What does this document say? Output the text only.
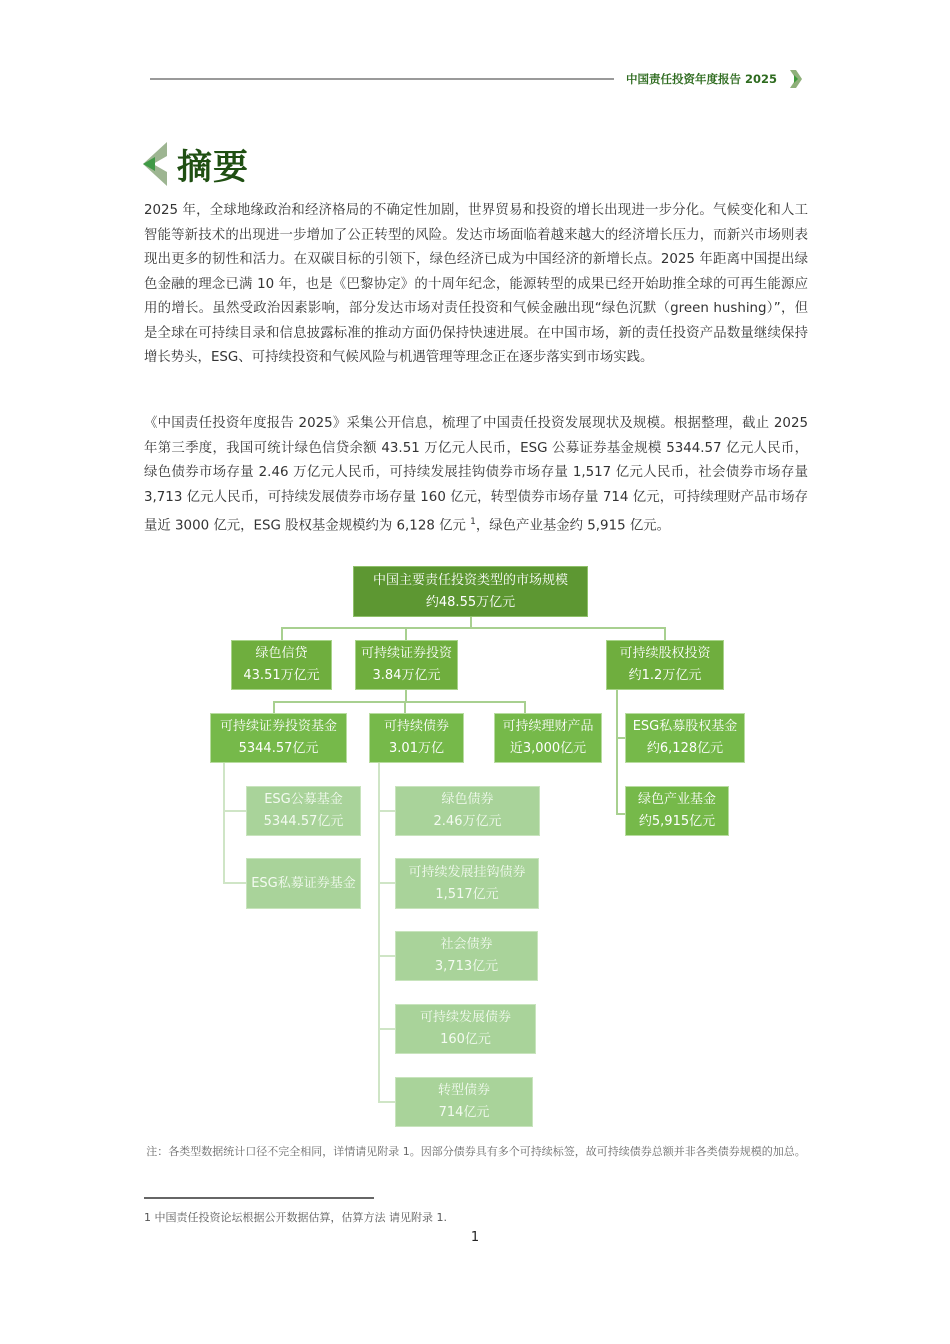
中国责任投资年度报告 2025
摘要

2025 年，全球地缘政治和经济格局的不确定性加剧，世界贸易和投资的增长出现进一步分化。气候变化和人工智能等新技术的出现进一步增加了公正转型的风险。发达市场面临着越来越大的经济增长压力，而新兴市场则表现出更多的韧性和活力。在双碳目标的引领下，绿色经济已成为中国经济的新增长点。2025 年距离中国提出绿色金融的理念已满 10 年，也是《巴黎协定》的十周年纪念，能源转型的成果已经开始助推全球的可再生能源应用的增长。虽然受政治因素影响，部分发达市场对责任投资和气候金融出现“绿色沉默（green hushing）”，但是全球在可持续目录和信息披露标准的推动方面仍保持快速进展。在中国市场，新的责任投资产品数量继续保持增长势头，ESG、可持续投资和气候风险与机遇管理等理念正在逐步落实到市场实践。

《中国责任投资年度报告 2025》采集公开信息，梳理了中国责任投资发展现状及规模。根据整理，截止 2025 年第三季度，我国可统计绿色信贷余额 43.51 万亿元人民币，ESG 公募证券基金规模 5344.57 亿元人民币，绿色债券市场存量 2.46 万亿元人民币，可持续发展挂钩债券市场存量 1,517 亿元人民币，社会债券市场存量 3,713 亿元人民币，可持续发展债券市场存量 160 亿元，转型债券市场存量 714 亿元，可持续理财产品市场存量近 3000 亿元，ESG 股权基金规模约为 6,128 亿元 $^1$，绿色产业基金约 5,915 亿元。

中国主要责任投资类型的市场规模
约48.55万亿元
绿色信贷
43.51万亿元
可持续证券投资
3.84万亿元
可持续股权投资
约1.2万亿元
可持续证券投资基金
5344.57亿元
可持续债券
3.01万亿
可持续理财产品
近3,000亿元
ESG私募股权基金
约6,128亿元
绿色产业基金
约5,915亿元
ESG公募基金
5344.57亿元
ESG私募证券基金
绿色债券
2.46万亿元
可持续发展挂钩债券
1,517亿元
社会债券
3,713亿元
可持续发展债券
160亿元
转型债券
714亿元
注：各类型数据统计口径不完全相同，详情请见附录 1。因部分债券具有多个可持续标签，故可持续债券总额并非各类债券规模的加总。
1 中国责任投资论坛根据公开数据估算，估算方法 请见附录 1.
1
